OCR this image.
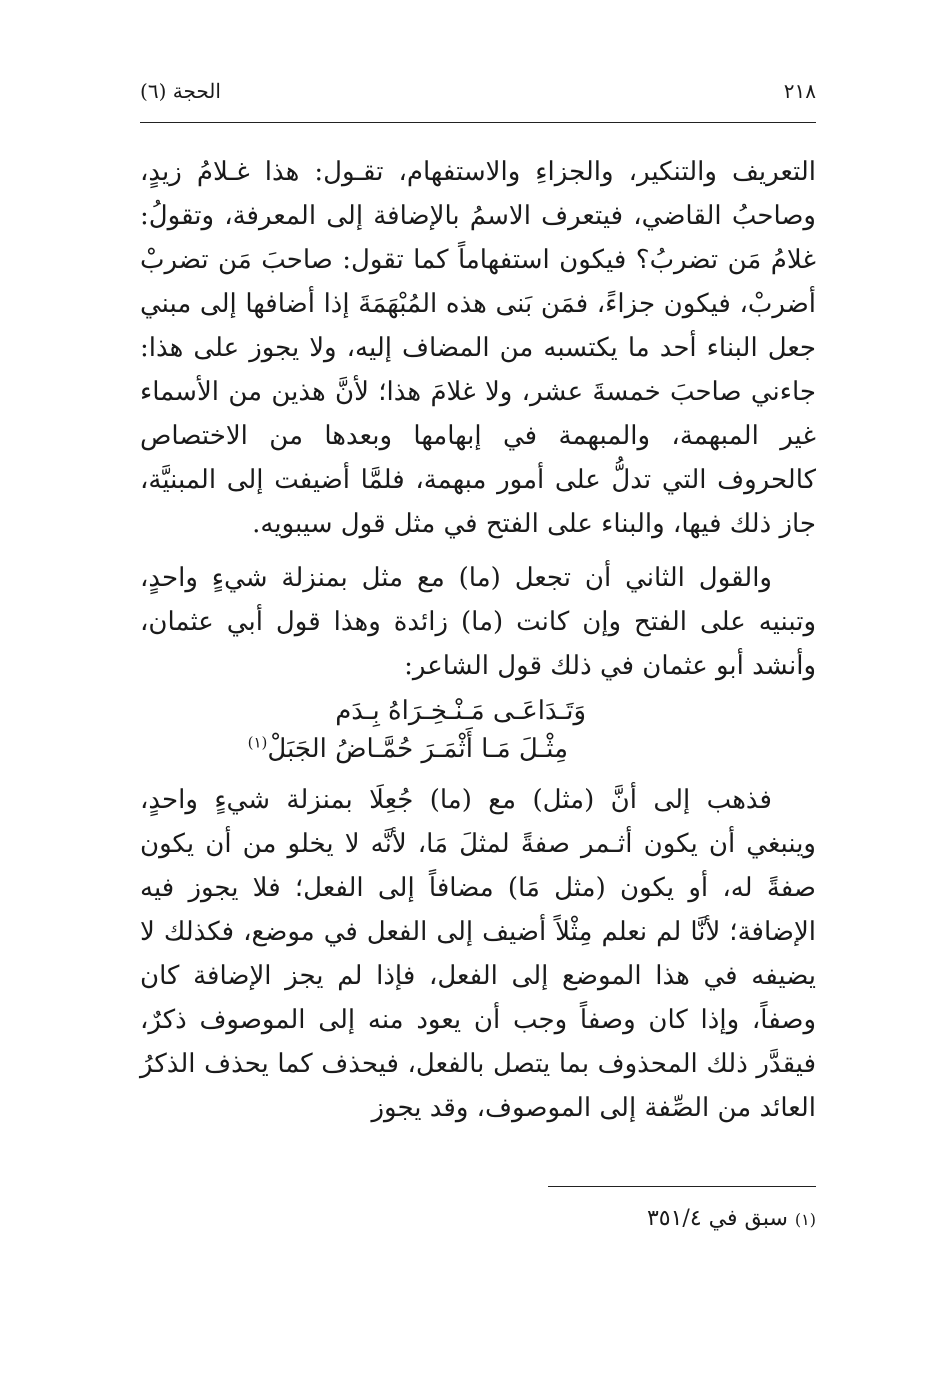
٢١٨
الحجة (٦)

التعريف والتنكير، والجزاءِ والاستفهام، تقـول: هذا غـلامُ زيدٍ، وصاحبُ القاضي، فيتعرف الاسمُ بالإضافة إلى المعرفة، وتقولُ: غلامُ مَن تضربُ؟ فيكون استفهاماً كما تقول: صاحبَ مَن تضربْ أضربْ، فيكون جزاءً، فمَن بَنى هذه المُبْهَمَةَ إذا أضافها إلى مبني جعل البناء أحد ما يكتسبه من المضاف إليه، ولا يجوز على هذا: جاءني صاحبَ خمسةَ عشر، ولا غلامَ هذا؛ لأنَّ هذين من الأسماء غير المبهمة، والمبهمة في إبهامها وبعدها من الاختصاص كالحروف التي تدلُّ على أمور مبهمة، فلمَّا أضيفت إلى المبنيَّة، جاز ذلك فيها، والبناء على الفتح في مثل قول سيبويه.

والقول الثاني أن تجعل (ما) مع مثل بمنزلة شيءٍ واحدٍ، وتبنيه على الفتح وإن كانت (ما) زائدة وهذا قول أبي عثمان، وأنشد أبو عثمان في ذلك قول الشاعر:

وَتَـدَاعَـى مَـنْـخِـرَاهُ بِـدَم
مِثْـلَ مَـا أَثْمَـرَ حُمَّـاضُ الجَبَلْ$^{(١)}$

فذهب إلى أنَّ (مثل) مع (ما) جُعِلَا بمنزلة شيءٍ واحدٍ، وينبغي أن يكون أثـمر صفةً لمثلَ مَا، لأنَّه لا يخلو من أن يكون صفةً له، أو يكون (مثل مَا) مضافاً إلى الفعل؛ فلا يجوز فيه الإضافة؛ لأنَّا لم نعلم مِثْلاً أضيف إلى الفعل في موضع، فكذلك لا يضيفه في هذا الموضع إلى الفعل، فإذا لم يجز الإضافة كان وصفاً، وإذا كان وصفاً وجب أن يعود منه إلى الموصوف ذكرٌ، فيقدَّر ذلك المحذوف بما يتصل بالفعل، فيحذف كما يحذف الذكرُ العائد من الصِّفة إلى الموصوف، وقد يجوز

(١) سبق في ٣٥١/٤
